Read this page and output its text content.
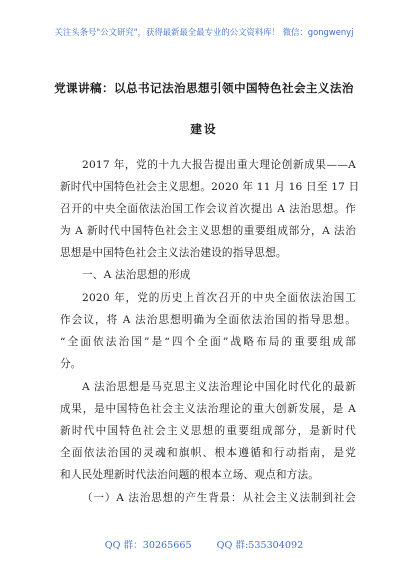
关注头条号"公文研究"，获得最新最全最专业的公文资料库！ 微信：gongwenyj
党课讲稿：以总书记法治思想引领中国特色社会主义法治
建设
2017 年，党的十九大报告提出重大理论创新成果——A
新时代中国特色社会主义思想。2020 年 11 月 16 日至 17 日
召开的中央全面依法治国工作会议首次提出 A 法治思想。作
为 A 新时代中国特色社会主义思想的重要组成部分，A 法治
思想是中国特色社会主义法治建设的指导思想。
一、A 法治思想的形成
2020 年，党的历史上首次召开的中央全面依法治国工
作会议，将 A 法治思想明确为全面依法治国的指导思想。
“全面依法治国”是“四个全面”战略布局的重要组成部
分。
A 法治思想是马克思主义法治理论中国化时代化的最新
成果，是中国特色社会主义法治理论的重大创新发展，是 A
新时代中国特色社会主义思想的重要组成部分，是新时代
全面依法治国的灵魂和旗帜、根本遵循和行动指南，是党
和人民处理新时代法治问题的根本立场、观点和方法。
（一）A 法治思想的产生背景：从社会主义法制到社会
QQ 群：30265665	QQ 群:535304092
